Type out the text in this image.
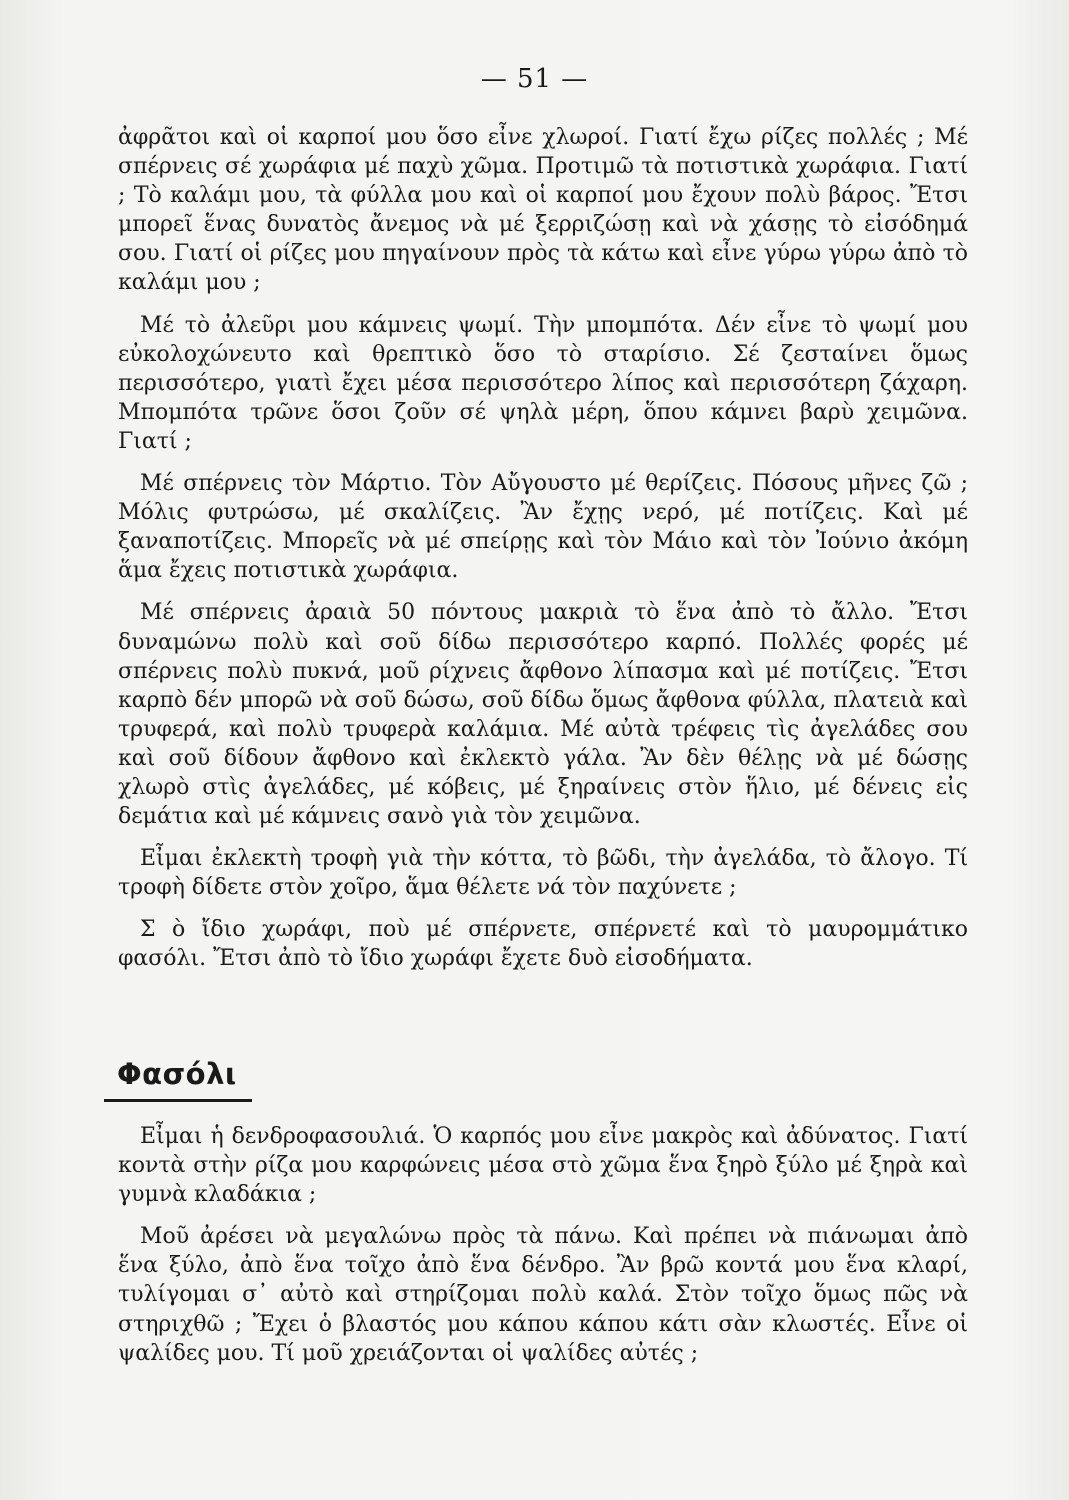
— 51 —

ἀφρᾶτοι καὶ οἱ καρποί μου ὅσο εἶνε χλωροί. Γιατί ἔχω ρίζες πολλές ; Μέ σπέρνεις σέ χωράφια μέ παχὺ χῶμα. Προτιμῶ τὰ ποτιστικὰ χωράφια. Γιατί ; Τὸ καλάμι μου, τὰ φύλλα μου καὶ οἱ καρποί μου ἔχουν πολὺ βάρος. Ἔτσι μπορεῖ ἕνας δυνατὸς ἄνεμος νὰ μέ ξερριζώσῃ καὶ νὰ χάσῃς τὸ εἰσόδημά σου. Γιατί οἱ ρίζες μου πηγαίνουν πρὸς τὰ κάτω καὶ εἶνε γύρω γύρω ἀπὸ τὸ καλάμι μου ;

Μέ τὸ ἀλεῦρι μου κάμνεις ψωμί. Τὴν μπομπότα. Δέν εἶνε τὸ ψωμί μου εὐκολοχώνευτο καὶ θρεπτικὸ ὅσο τὸ σταρίσιο. Σέ ζεσταίνει ὅμως περισσότερο, γιατὶ ἔχει μέσα περισσότερο λίπος καὶ περισσότερη ζάχαρη. Μπομπότα τρῶνε ὅσοι ζοῦν σέ ψηλὰ μέρη, ὅπου κάμνει βαρὺ χειμῶνα. Γιατί ;

Μέ σπέρνεις τὸν Μάρτιο. Τὸν Αὔγουστο μέ θερίζεις. Πόσους μῆνες ζῶ ; Μόλις φυτρώσω, μέ σκαλίζεις. Ἂν ἔχῃς νερό, μέ ποτίζεις. Καὶ μέ ξαναποτίζεις. Μπορεῖς νὰ μέ σπείρῃς καὶ τὸν Μάιο καὶ τὸν Ἰούνιο ἀκόμη ἅμα ἔχεις ποτιστικὰ χωράφια.

Μέ σπέρνεις ἀραιὰ 50 πόντους μακριὰ τὸ ἕνα ἀπὸ τὸ ἄλλο. Ἔτσι δυναμώνω πολὺ καὶ σοῦ δίδω περισσότερο καρπό. Πολλές φορές μέ σπέρνεις πολὺ πυκνά, μοῦ ρίχνεις ἄφθονο λίπασμα καὶ μέ ποτίζεις. Ἔτσι καρπὸ δέν μπορῶ νὰ σοῦ δώσω, σοῦ δίδω ὅμως ἄφθονα φύλλα, πλατειὰ καὶ τρυφερά, καὶ πολὺ τρυφερὰ καλάμια. Μέ αὐτὰ τρέφεις τὶς ἀγελάδες σου καὶ σοῦ δίδουν ἄφθονο καὶ ἐκλεκτὸ γάλα. Ἂν δὲν θέλῃς νὰ μέ δώσῃς χλωρὸ στὶς ἀγελάδες, μέ κόβεις, μέ ξηραίνεις στὸν ἥλιο, μέ δένεις εἰς δεμάτια καὶ μέ κάμνεις σανὸ γιὰ τὸν χειμῶνα.

Εἶμαι ἐκλεκτὴ τροφὴ γιὰ τὴν κόττα, τὸ βῶδι, τὴν ἀγελάδα, τὸ ἄλογο. Τί τροφὴ δίδετε στὸν χοῖρο, ἅμα θέλετε νά τὸν παχύνετε ;

Σ ὸ ἴδιο χωράφι, ποὺ μέ σπέρνετε, σπέρνετέ καὶ τὸ μαυρομμάτικο φασόλι. Ἔτσι ἀπὸ τὸ ἴδιο χωράφι ἔχετε δυὸ εἰσοδήματα.

Φασόλι

Εἶμαι ἡ δενδροφασουλιά. Ὁ καρπός μου εἶνε μακρὸς καὶ ἀδύνατος. Γιατί κοντὰ στὴν ρίζα μου καρφώνεις μέσα στὸ χῶμα ἕνα ξηρὸ ξύλο μέ ξηρὰ καὶ γυμνὰ κλαδάκια ;

Μοῦ ἀρέσει νὰ μεγαλώνω πρὸς τὰ πάνω. Καὶ πρέπει νὰ πιάνωμαι ἀπὸ ἕνα ξύλο, ἀπὸ ἕνα τοῖχο ἀπὸ ἕνα δένδρο. Ἂν βρῶ κοντά μου ἕνα κλαρί, τυλίγομαι σ᾿ αὐτὸ καὶ στηρίζομαι πολὺ καλά. Στὸν τοῖχο ὅμως πῶς νὰ στηριχθῶ ; Ἔχει ὁ βλαστός μου κάπου κάπου κάτι σὰν κλωστές. Εἶνε οἱ ψαλίδες μου. Τί μοῦ χρειάζονται οἱ ψαλίδες αὐτές ;
